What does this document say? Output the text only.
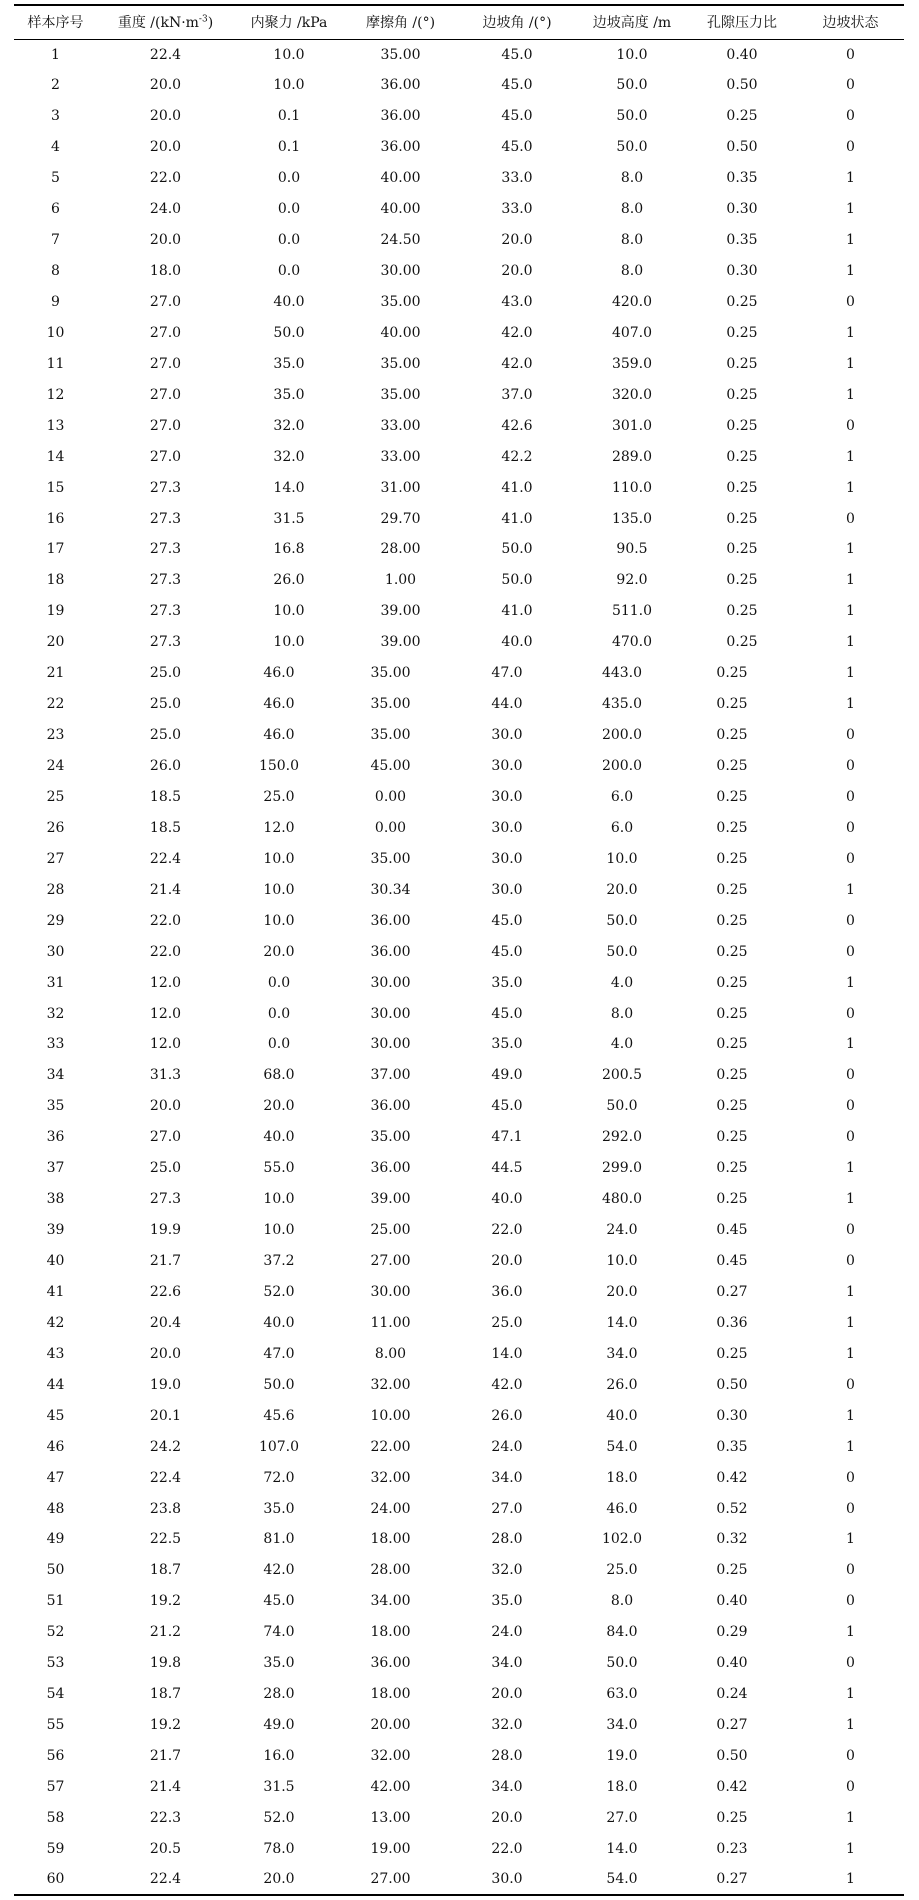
样本序号	重度 $/(kN\cdot m^{-3})$	内聚力 /kPa	摩擦角 /(°)	边坡角 /(°)	边坡高度 /m	孔隙压力比	边坡状态
1	22.4	10.0	35.00	45.0	10.0	0.40	0
2	20.0	10.0	36.00	45.0	50.0	0.50	0
3	20.0	0.1	36.00	45.0	50.0	0.25	0
4	20.0	0.1	36.00	45.0	50.0	0.50	0
5	22.0	0.0	40.00	33.0	8.0	0.35	1
6	24.0	0.0	40.00	33.0	8.0	0.30	1
7	20.0	0.0	24.50	20.0	8.0	0.35	1
8	18.0	0.0	30.00	20.0	8.0	0.30	1
9	27.0	40.0	35.00	43.0	420.0	0.25	0
10	27.0	50.0	40.00	42.0	407.0	0.25	1
11	27.0	35.0	35.00	42.0	359.0	0.25	1
12	27.0	35.0	35.00	37.0	320.0	0.25	1
13	27.0	32.0	33.00	42.6	301.0	0.25	0
14	27.0	32.0	33.00	42.2	289.0	0.25	1
15	27.3	14.0	31.00	41.0	110.0	0.25	1
16	27.3	31.5	29.70	41.0	135.0	0.25	0
17	27.3	16.8	28.00	50.0	90.5	0.25	1
18	27.3	26.0	1.00	50.0	92.0	0.25	1
19	27.3	10.0	39.00	41.0	511.0	0.25	1
20	27.3	10.0	39.00	40.0	470.0	0.25	1
21	25.0	46.0	35.00	47.0	443.0	0.25	1
22	25.0	46.0	35.00	44.0	435.0	0.25	1
23	25.0	46.0	35.00	30.0	200.0	0.25	0
24	26.0	150.0	45.00	30.0	200.0	0.25	0
25	18.5	25.0	0.00	30.0	6.0	0.25	0
26	18.5	12.0	0.00	30.0	6.0	0.25	0
27	22.4	10.0	35.00	30.0	10.0	0.25	0
28	21.4	10.0	30.34	30.0	20.0	0.25	1
29	22.0	10.0	36.00	45.0	50.0	0.25	0
30	22.0	20.0	36.00	45.0	50.0	0.25	0
31	12.0	0.0	30.00	35.0	4.0	0.25	1
32	12.0	0.0	30.00	45.0	8.0	0.25	0
33	12.0	0.0	30.00	35.0	4.0	0.25	1
34	31.3	68.0	37.00	49.0	200.5	0.25	0
35	20.0	20.0	36.00	45.0	50.0	0.25	0
36	27.0	40.0	35.00	47.1	292.0	0.25	0
37	25.0	55.0	36.00	44.5	299.0	0.25	1
38	27.3	10.0	39.00	40.0	480.0	0.25	1
39	19.9	10.0	25.00	22.0	24.0	0.45	0
40	21.7	37.2	27.00	20.0	10.0	0.45	0
41	22.6	52.0	30.00	36.0	20.0	0.27	1
42	20.4	40.0	11.00	25.0	14.0	0.36	1
43	20.0	47.0	8.00	14.0	34.0	0.25	1
44	19.0	50.0	32.00	42.0	26.0	0.50	0
45	20.1	45.6	10.00	26.0	40.0	0.30	1
46	24.2	107.0	22.00	24.0	54.0	0.35	1
47	22.4	72.0	32.00	34.0	18.0	0.42	0
48	23.8	35.0	24.00	27.0	46.0	0.52	0
49	22.5	81.0	18.00	28.0	102.0	0.32	1
50	18.7	42.0	28.00	32.0	25.0	0.25	0
51	19.2	45.0	34.00	35.0	8.0	0.40	0
52	21.2	74.0	18.00	24.0	84.0	0.29	1
53	19.8	35.0	36.00	34.0	50.0	0.40	0
54	18.7	28.0	18.00	20.0	63.0	0.24	1
55	19.2	49.0	20.00	32.0	34.0	0.27	1
56	21.7	16.0	32.00	28.0	19.0	0.50	0
57	21.4	31.5	42.00	34.0	18.0	0.42	0
58	22.3	52.0	13.00	20.0	27.0	0.25	1
59	20.5	78.0	19.00	22.0	14.0	0.23	1
60	22.4	20.0	27.00	30.0	54.0	0.27	1
